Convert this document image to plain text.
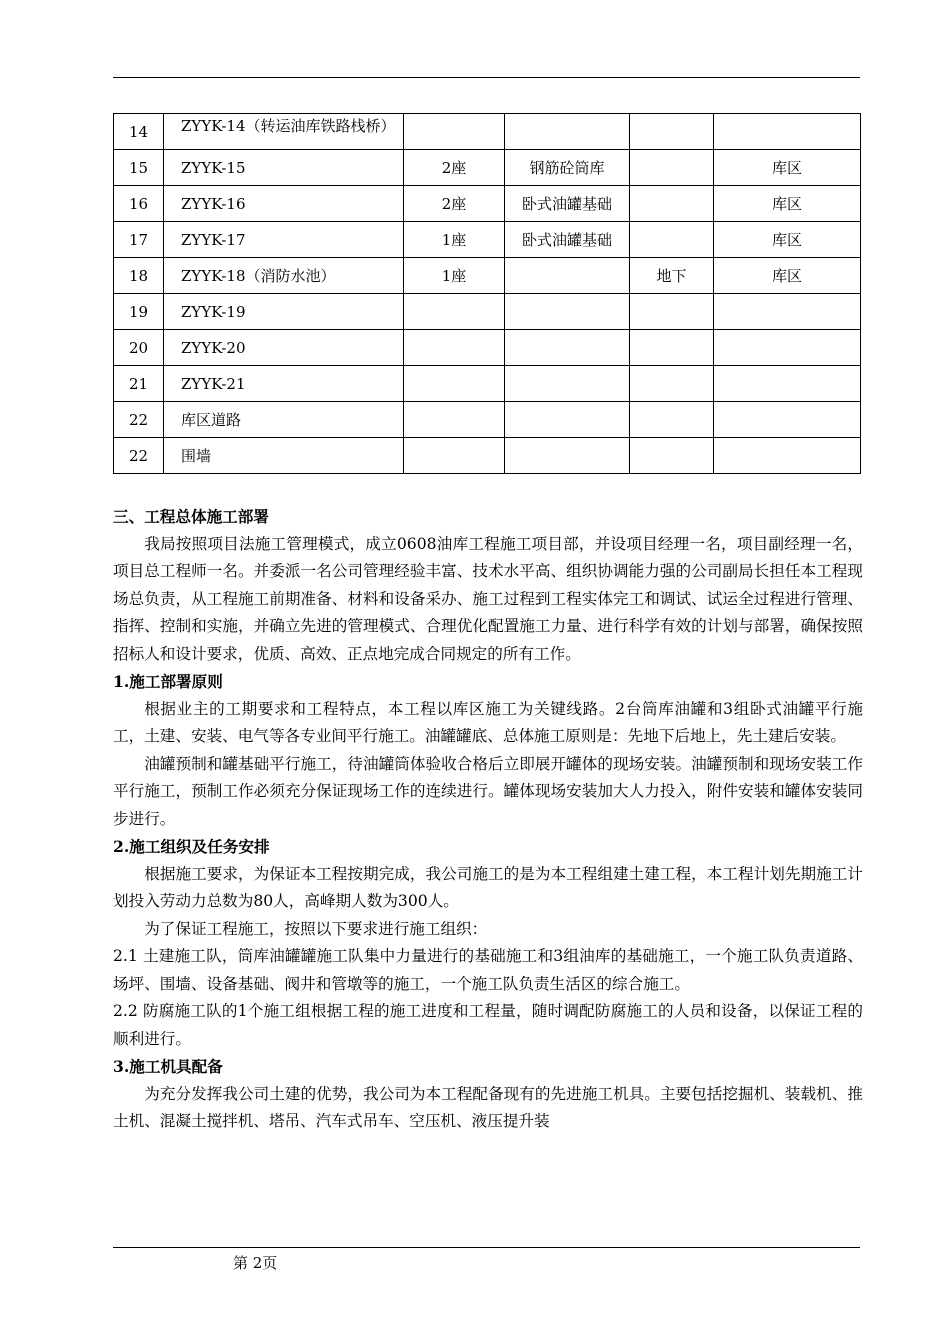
14	ZYYK-14（转运油库铁路栈桥）				

15	ZYYK-15	2座	钢筋砼筒库		库区
16	ZYYK-16	2座	卧式油罐基础		库区
17	ZYYK-17	1座	卧式油罐基础		库区
18	ZYYK-18（消防水池）	1座		地下	库区
19	ZYYK-19				
20	ZYYK-20				
21	ZYYK-21				
22	库区道路				
22	围墙				

三、工程总体施工部署

我局按照项目法施工管理模式，成立0608油库工程施工项目部，并设项目经理一名，项目副经理一名，项目总工程师一名。并委派一名公司管理经验丰富、技术水平高、组织协调能力强的公司副局长担任本工程现场总负责，从工程施工前期准备、材料和设备采办、施工过程到工程实体完工和调试、试运全过程进行管理、指挥、控制和实施，并确立先进的管理模式、合理优化配置施工力量、进行科学有效的计划与部署，确保按照招标人和设计要求，优质、高效、正点地完成合同规定的所有工作。

1.施工部署原则

根据业主的工期要求和工程特点，本工程以库区施工为关键线路。2台筒库油罐和3组卧式油罐平行施工，土建、安装、电气等各专业间平行施工。油罐罐底、总体施工原则是：先地下后地上，先土建后安装。

油罐预制和罐基础平行施工，待油罐筒体验收合格后立即展开罐体的现场安装。油罐预制和现场安装工作平行施工，预制工作必须充分保证现场工作的连续进行。罐体现场安装加大人力投入，附件安装和罐体安装同步进行。

2.施工组织及任务安排

根据施工要求，为保证本工程按期完成，我公司施工的是为本工程组建土建工程，本工程计划先期施工计划投入劳动力总数为80人，高峰期人数为300人。

为了保证工程施工，按照以下要求进行施工组织：

2.1 土建施工队，筒库油罐罐施工队集中力量进行的基础施工和3组油库的基础施工，一个施工队负责道路、场坪、围墙、设备基础、阀井和管墩等的施工，一个施工队负责生活区的综合施工。

2.2 防腐施工队的1个施工组根据工程的施工进度和工程量，随时调配防腐施工的人员和设备，以保证工程的顺利进行。

3.施工机具配备

为充分发挥我公司土建的优势，我公司为本工程配备现有的先进施工机具。主要包括挖掘机、装载机、推土机、混凝土搅拌机、塔吊、汽车式吊车、空压机、液压提升装

第 2页
